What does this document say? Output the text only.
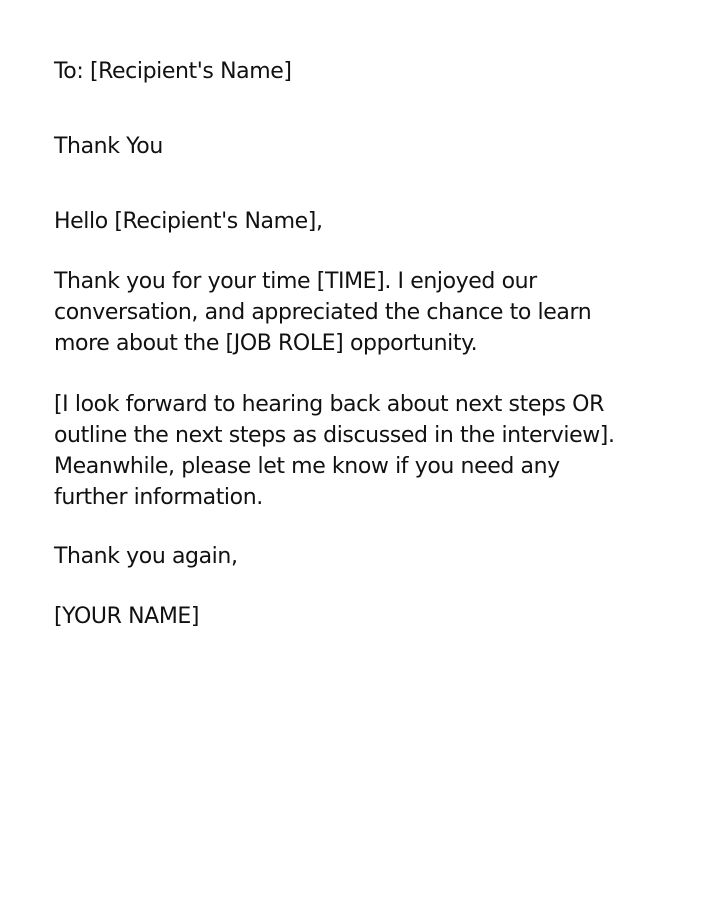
To: [Recipient's Name]
Thank You
Hello [Recipient's Name],
Thank you for your time [TIME]. I enjoyed our
conversation, and appreciated the chance to learn
more about the [JOB ROLE] opportunity.
[I look forward to hearing back about next steps OR
outline the next steps as discussed in the interview].
Meanwhile, please let me know if you need any
further information.
Thank you again,
[YOUR NAME]
